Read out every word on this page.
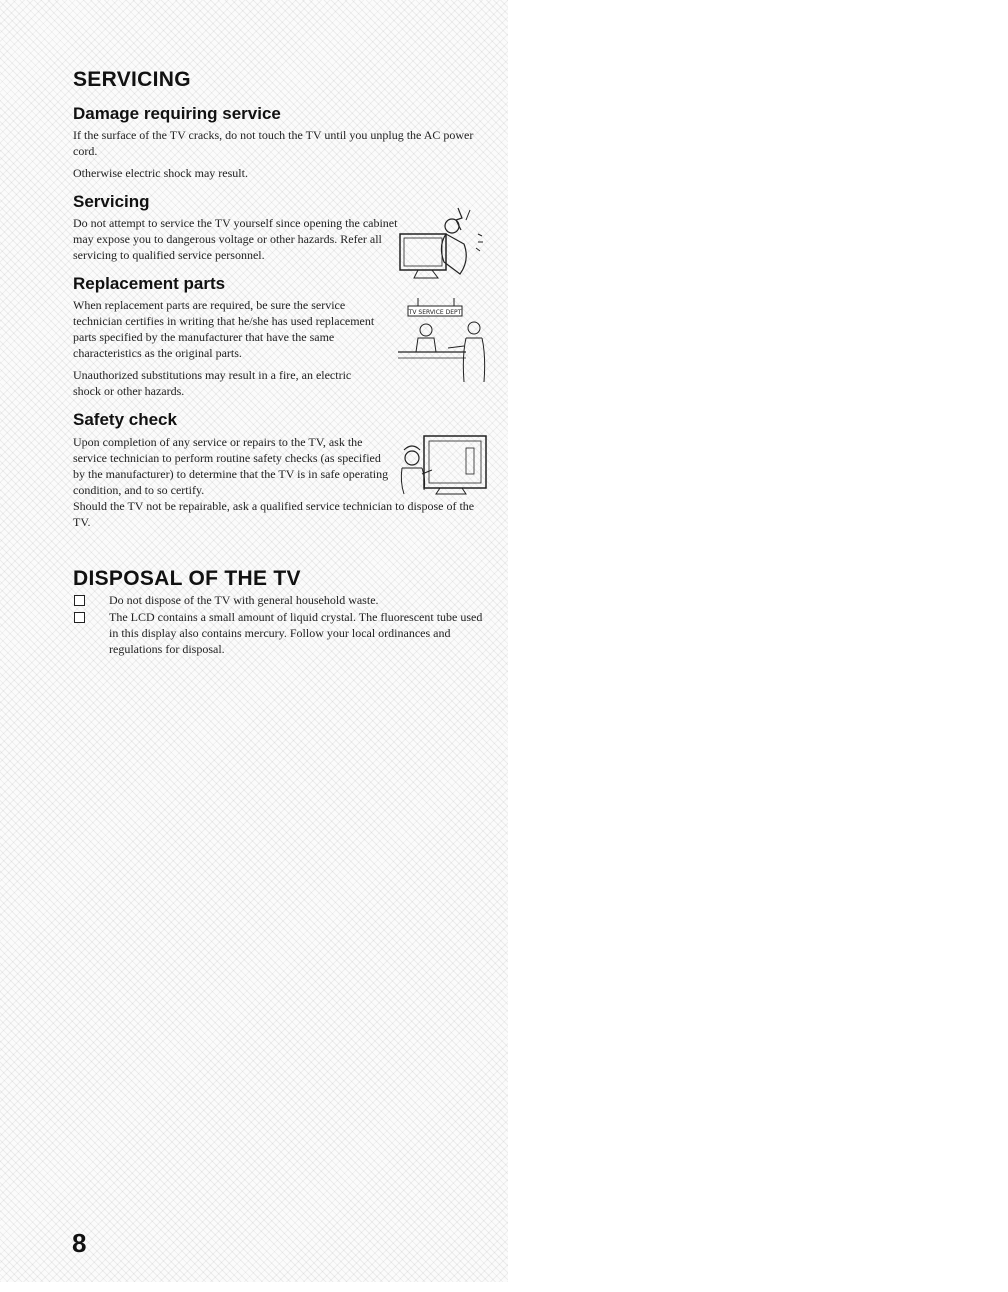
SERVICING
Damage requiring service
If the surface of the TV cracks, do not touch the TV until you unplug the AC power cord.
Otherwise electric shock may result.
Servicing
Do not attempt to service the TV yourself since opening the cabinet may expose you to dangerous voltage or other hazards. Refer all servicing to qualified service personnel.
Replacement parts
When replacement parts are required, be sure the service technician certifies in writing that he/she has used replacement parts specified by the manufacturer that have the same characteristics as the original parts.
Unauthorized substitutions may result in a fire, an electric shock or other hazards.
TV SERVICE DEPT
Safety check
Upon completion of any service or repairs to the TV, ask the service technician to perform routine safety checks (as specified by the manufacturer) to determine that the TV is in safe operating condition, and to so certify.
Should the TV not be repairable, ask a qualified service technician to dispose of the TV.
DISPOSAL OF THE TV
Do not dispose of the TV with general household waste.
The LCD contains a small amount of liquid crystal. The fluorescent tube used in this display also contains mercury. Follow your local ordinances and regulations for disposal.
8
